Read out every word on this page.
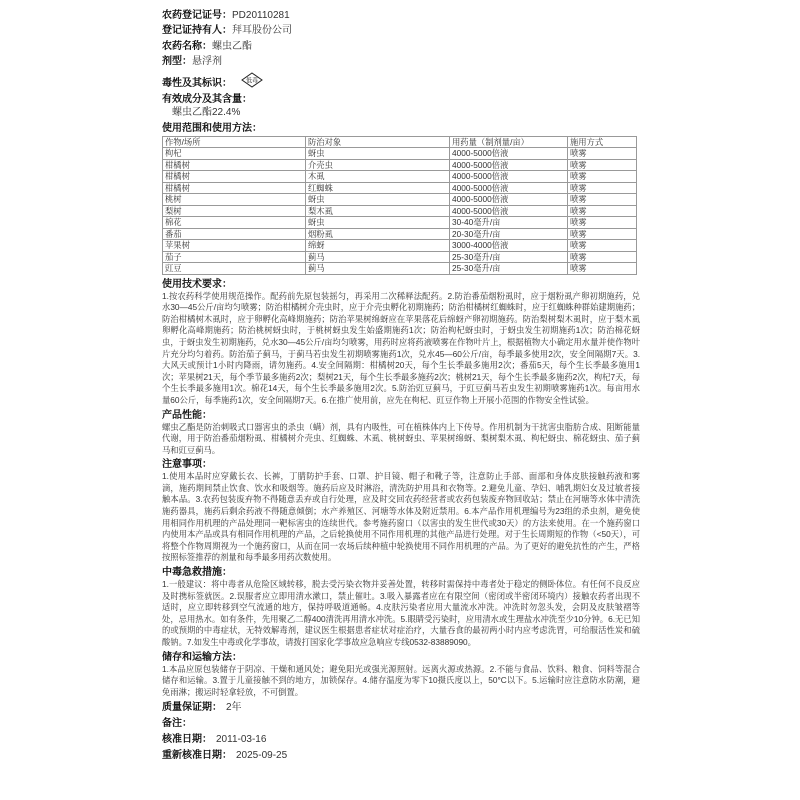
农药登记证号：PD20110281
登记证持有人：拜耳股份公司
农药名称：螺虫乙酯
剂型：悬浮剂
毒性及其标识： 低毒
有效成分及其含量：
螺虫乙酯22.4%
使用范围和使用方法：
作物/场所	防治对象	用药量（制剂量/亩）	施用方式
枸杞	蚜虫	4000-5000倍液	喷雾
柑橘树	介壳虫	4000-5000倍液	喷雾
柑橘树	木虱	4000-5000倍液	喷雾
柑橘树	红蜘蛛	4000-5000倍液	喷雾
桃树	蚜虫	4000-5000倍液	喷雾
梨树	梨木虱	4000-5000倍液	喷雾
棉花	蚜虫	30-40毫升/亩	喷雾
番茄	烟粉虱	20-30毫升/亩	喷雾
苹果树	绵蚜	3000-4000倍液	喷雾
茄子	蓟马	25-30毫升/亩	喷雾
豇豆	蓟马	25-30毫升/亩	喷雾
使用技术要求：

1.按农药科学使用规范操作。配药前先原包装摇匀，再采用二次稀释法配药。2.防治番茄烟粉虱时，应于烟粉虱产卵初期施药，兑水30—45公斤/亩均匀喷雾；防治柑橘树介壳虫时，应于介壳虫孵化初期施药；防治柑橘树红蜘蛛时，应于红蜘蛛种群始建期施药；防治柑橘树木虱时，应于卵孵化高峰期施药；防治苹果树绵蚜应在苹果落花后绵蚜产卵初期施药。防治梨树梨木虱时，应于梨木虱卵孵化高峰期施药；防治桃树蚜虫时，于桃树蚜虫发生始盛期施药1次；防治枸杞蚜虫时，于蚜虫发生初期施药1次；防治棉花蚜虫，于蚜虫发生初期施药，兑水30—45公斤/亩均匀喷雾，用药时应将药液喷雾在作物叶片上，根据植物大小确定用水量并使作物叶片充分均匀着药。防治茄子蓟马，于蓟马若虫发生初期喷雾施药1次，兑水45—60公斤/亩，每季最多使用2次，安全间隔期7天。3.大风天或预计1小时内降雨，请勿施药。4.安全间隔期：柑橘树20天，每个生长季最多施用2次；番茄5天，每个生长季最多施用1次；苹果树21天，每个季节最多施药2次；梨树21天，每个生长季最多施药2次；桃树21天，每个生长季最多施药2次，枸杞7天，每个生长季最多施用1次。棉花14天，每个生长季最多施用2次。5.防治豇豆蓟马，于豇豆蓟马若虫发生初期喷雾施药1次。每亩用水量60公斤，每季施药1次，安全间隔期7天。6.在推广使用前，应先在枸杞、豇豆作物上开展小范围的作物安全性试验。

产品性能：

螺虫乙酯是防治刺吸式口器害虫的杀虫（螨）剂，具有内吸性，可在植株体内上下传导。作用机制为干扰害虫脂肪合成、阻断能量代谢，用于防治番茄烟粉虱、柑橘树介壳虫、红蜘蛛、木虱、桃树蚜虫、苹果树绵蚜、梨树梨木虱、枸杞蚜虫、棉花蚜虫、茄子蓟马和豇豆蓟马。

注意事项：

1.使用本品时应穿戴长衣、长裤，丁腈防护手套、口罩、护目镜、帽子和靴子等，注意防止手部、面部和身体皮肤接触药液和雾滴，施药期间禁止饮食、饮水和吸烟等。施药后应及时淋浴，清洗防护用具和衣物等。2.避免儿童、孕妇、哺乳期妇女及过敏者接触本品。3.农药包装废弃物不得随意丢弃或自行处理，应及时交回农药经营者或农药包装废弃物回收站；禁止在河塘等水体中清洗施药器具，施药后剩余药液不得随意倾倒；水产养殖区、河塘等水体及附近禁用。6.本产品作用机理编号为23组的杀虫剂，避免使用相同作用机理的产品处理同一靶标害虫的连续世代。参考施药窗口（以害虫的发生世代或30天）的方法来使用。在一个施药窗口内使用本产品或具有相同作用机理的产品，之后轮换使用不同作用机理的其他产品进行处理。对于生长周期短的作物（<50天），可将整个作物周期视为一个施药窗口，从而在同一农场后续种植中轮换使用不同作用机理的产品。为了更好的避免抗性的产生，严格按照标签推荐的剂量和每季最多用药次数使用。

中毒急救措施：

1.一般建议：将中毒者从危险区域转移，脱去受污染衣物并妥善处置，转移时需保持中毒者处于稳定的侧卧体位。有任何不良反应及时携标签就医。2.误服者应立即用清水漱口，禁止催吐。3.吸入暴露者应在有限空间（密闭或半密闭环境内）接触农药者出现不适时，应立即转移到空气流通的地方，保持呼吸道通畅。4.皮肤污染者应用大量流水冲洗。冲洗时勿忽头发，会阴及皮肤皱褶等处，忌用热水。如有条件，先用聚乙二醇400清洗再用清水冲洗。5.眼睛受污染时，应用清水或生理盐水冲洗至少10分钟。6.无已知的或预期的中毒症状，无特效解毒剂，建议医生根据患者症状对症治疗，大量吞食的最初两小时内应考虑洗胃，可给服活性炭和硫酸钠。7.如发生中毒或化学事故，请拨打国家化学事故应急响应专线0532-83889090。

储存和运输方法：

1.本品应原包装储存于阴凉、干燥和通风处；避免阳光或强光源照射。远离火源或热源。2.不能与食品、饮料、粮食、饲料等混合储存和运输。3.置于儿童接触不到的地方，加锁保存。4.储存温度为零下10摄氏度以上，50°C以下。5.运输时应注意防水防潮，避免雨淋；搬运时轻拿轻放，不可倒置。

质量保证期： 2年
备注：
核准日期： 2011-03-16
重新核准日期： 2025-09-25
